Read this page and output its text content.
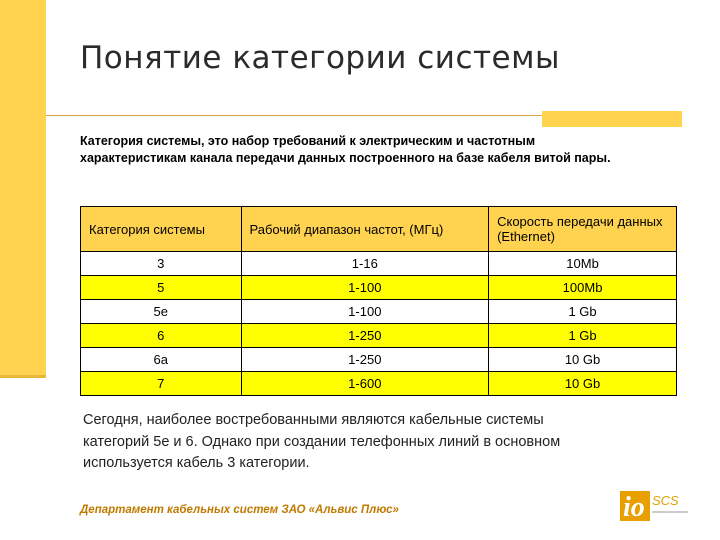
Понятие категории системы
Категория системы, это набор требований к электрическим и частотным
характеристикам канала передачи данных построенного на базе кабеля витой пары.
Категория системы	Рабочий диапазон частот, (МГц)	Скорость передачи данных (Ethernet)
3	1-16	10Mb
5	1-100	100Mb
5e	1-100	1 Gb
6	1-250	1 Gb
6a	1-250	10 Gb
7	1-600	10 Gb
Сегодня, наиболее востребованными являются кабельные системы
категорий 5е и 6. Однако при создании телефонных линий в основном
используется кабель 3 категории.
Департамент кабельных систем ЗАО «Альвис Плюс»	io SCS
